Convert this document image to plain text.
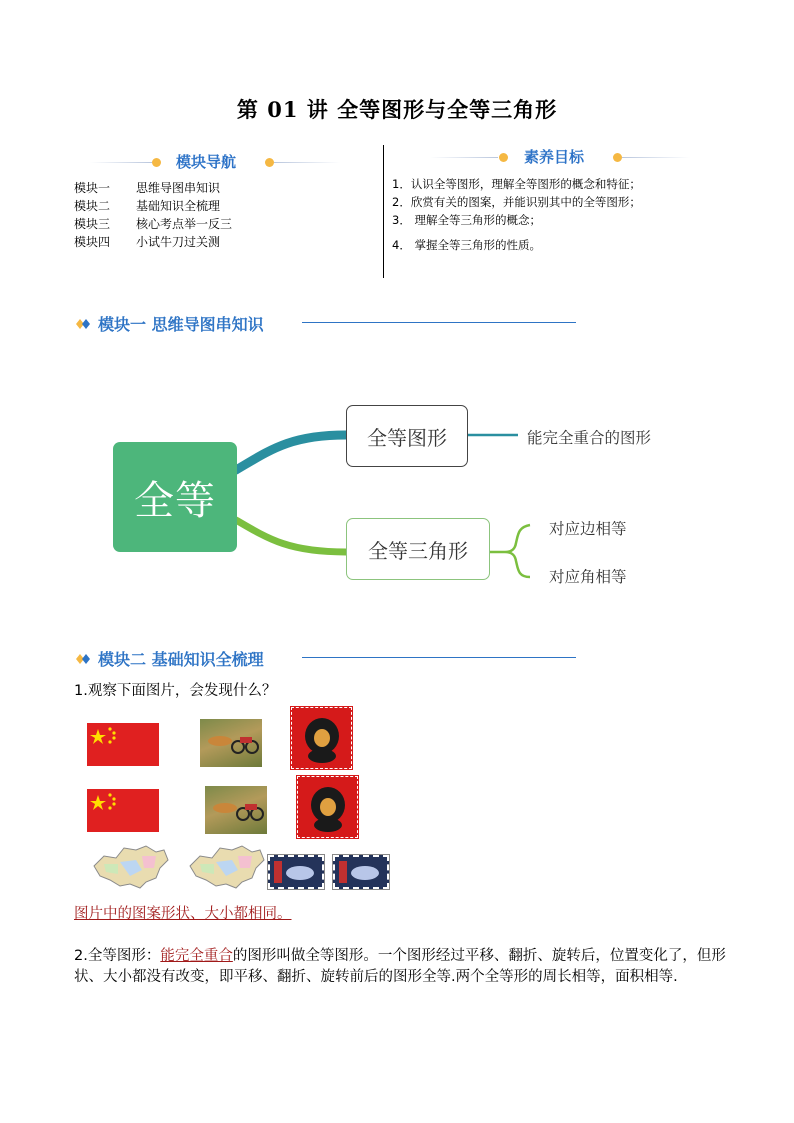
第 01 讲 全等图形与全等三角形
模块导航
模块一 思维导图串知识
模块二 基础知识全梳理
模块三 核心考点举一反三
模块四 小试牛刀过关测
素养目标
1．认识全等图形，理解全等图形的概念和特征；
2．欣赏有关的图案，并能识别其中的全等图形；
3． 理解全等三角形的概念；
4． 掌握全等三角形的性质。
模块一 思维导图串知识
全等
全等图形	能完全重合的图形
全等三角形
对应边相等
对应角相等
模块二 基础知识全梳理
1.观察下面图片，会发现什么？
图片中的图案形状、大小都相同。
2.全等图形：能完全重合的图形叫做全等图形。一个图形经过平移、翻折、旋转后，位置变化了，但形状、大小都没有改变，即平移、翻折、旋转前后的图形全等.两个全等形的周长相等，面积相等.
